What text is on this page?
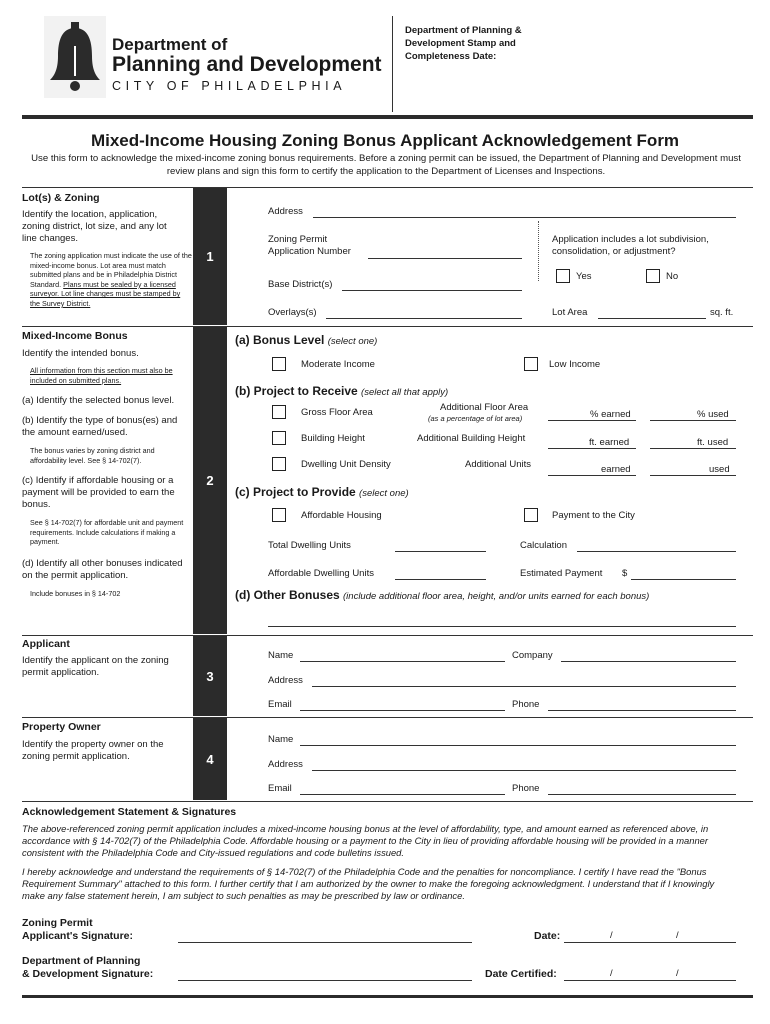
Department of
Planning and Development
CITY OF PHILADELPHIA
Department of Planning & Development Stamp and Completeness Date:
Mixed-Income Housing Zoning Bonus Applicant Acknowledgement Form
Use this form to acknowledge the mixed-income zoning bonus requirements. Before a zoning permit can be issued, the Department of Planning and Development must review plans and sign this form to certify the application to the Department of Licenses and Inspections.
1
Lot(s) & Zoning
Identify the location, application, zoning district, lot size, and any lot line changes.
The zoning application must indicate the use of the mixed-income bonus. Lot area must match submitted plans and be in Philadelphia District Standard. Plans must be sealed by a licensed surveyor. Lot line changes must be stamped by the Survey District.
Address
Zoning Permit Application Number
Application includes a lot subdivision, consolidation, or adjustment?
Yes	No
Base District(s)
Overlays(s)	Lot Area	sq. ft.
2
Mixed-Income Bonus
Identify the intended bonus.
All information from this section must also be included on submitted plans.
(a) Identify the selected bonus level.
(b) Identify the type of bonus(es) and the amount earned/used.
The bonus varies by zoning district and affordability level. See § 14-702(7).
(c) Identify if affordable housing or a payment will be provided to earn the bonus.
See § 14-702(7) for affordable unit and payment requirements. Include calculations if making a payment.
(d) Identify all other bonuses indicated on the permit application.
Include bonuses in § 14-702
(a) Bonus Level (select one)
Moderate Income	Low Income
(b) Project to Receive (select all that apply)
Gross Floor Area	Additional Floor Area
(as a percentage of lot area)	% earned	% used
Building Height	Additional Building Height	ft. earned	ft. used
Dwelling Unit Density	Additional Units	earned	used
(c) Project to Provide (select one)
Affordable Housing	Payment to the City
Total Dwelling Units	Calculation
Affordable Dwelling Units	Estimated Payment $
(d) Other Bonuses (include additional floor area, height, and/or units earned for each bonus)
3
Applicant
Identify the applicant on the zoning permit application.
Name	Company
Address
Email	Phone
4
Property Owner
Identify the property owner on the zoning permit application.
Name
Address
Email	Phone
Acknowledgement Statement & Signatures
The above-referenced zoning permit application includes a mixed-income housing bonus at the level of affordability, type, and amount earned as referenced above, in accordance with § 14-702(7) of the Philadelphia Code. Affordable housing or a payment to the City in lieu of providing affordable housing will be provided in a manner consistent with the Philadelphia Code and City-issued regulations and code bulletins issued.
I hereby acknowledge and understand the requirements of § 14-702(7) of the Philadelphia Code and the penalties for noncompliance. I certify I have read the "Bonus Requirement Summary" attached to this form. I further certify that I am authorized by the owner to make the foregoing acknowledgment. I understand that if I knowingly make any false statement herein, I am subject to such penalties as may be prescribed by law or ordinance.
Zoning Permit
Applicant's Signature:	Date:	/	/
Department of Planning
& Development Signature:	Date Certified:	/	/
